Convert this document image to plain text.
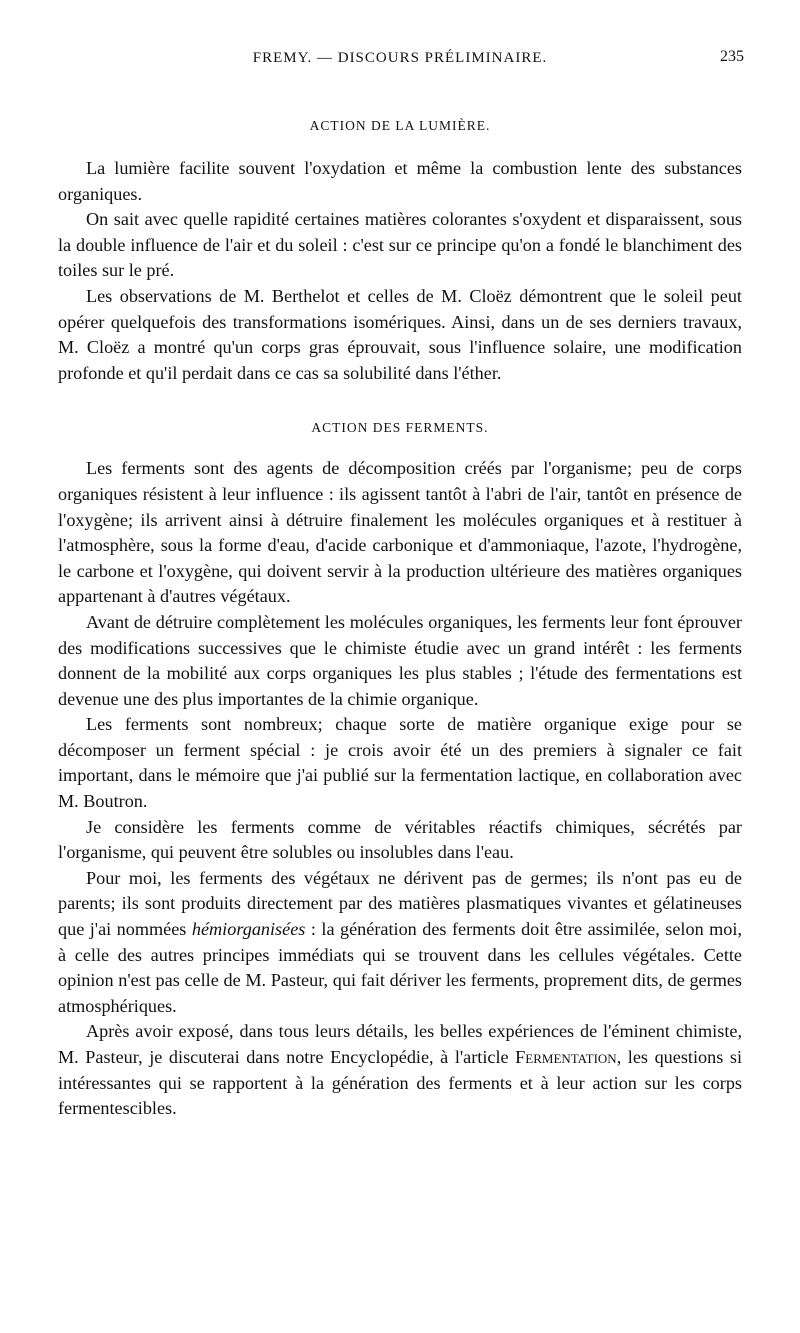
FREMY. — DISCOURS PRÉLIMINAIRE.	235
ACTION DE LA LUMIÈRE.

La lumière facilite souvent l'oxydation et même la combustion lente des substances organiques.

On sait avec quelle rapidité certaines matières colorantes s'oxydent et disparaissent, sous la double influence de l'air et du soleil : c'est sur ce principe qu'on a fondé le blanchiment des toiles sur le pré.

Les observations de M. Berthelot et celles de M. Cloëz démontrent que le soleil peut opérer quelquefois des transformations isomériques. Ainsi, dans un de ses derniers travaux, M. Cloëz a montré qu'un corps gras éprouvait, sous l'influence solaire, une modification profonde et qu'il perdait dans ce cas sa solubilité dans l'éther.

ACTION DES FERMENTS.

Les ferments sont des agents de décomposition créés par l'organisme; peu de corps organiques résistent à leur influence : ils agissent tantôt à l'abri de l'air, tantôt en présence de l'oxygène; ils arrivent ainsi à détruire finalement les molécules organiques et à restituer à l'atmosphère, sous la forme d'eau, d'acide carbonique et d'ammoniaque, l'azote, l'hydrogène, le carbone et l'oxygène, qui doivent servir à la production ultérieure des matières organiques appartenant à d'autres végétaux.

Avant de détruire complètement les molécules organiques, les ferments leur font éprouver des modifications successives que le chimiste étudie avec un grand intérêt : les ferments donnent de la mobilité aux corps organiques les plus stables ; l'étude des fermentations est devenue une des plus importantes de la chimie organique.

Les ferments sont nombreux; chaque sorte de matière organique exige pour se décomposer un ferment spécial : je crois avoir été un des premiers à signaler ce fait important, dans le mémoire que j'ai publié sur la fermentation lactique, en collaboration avec M. Boutron.

Je considère les ferments comme de véritables réactifs chimiques, sécrétés par l'organisme, qui peuvent être solubles ou insolubles dans l'eau.

Pour moi, les ferments des végétaux ne dérivent pas de germes; ils n'ont pas eu de parents; ils sont produits directement par des matières plasmatiques vivantes et gélatineuses que j'ai nommées hémiorganisées : la génération des ferments doit être assimilée, selon moi, à celle des autres principes immédiats qui se trouvent dans les cellules végétales. Cette opinion n'est pas celle de M. Pasteur, qui fait dériver les ferments, proprement dits, de germes atmosphériques.

Après avoir exposé, dans tous leurs détails, les belles expériences de l'éminent chimiste, M. Pasteur, je discuterai dans notre Encyclopédie, à l'article Fermentation, les questions si intéressantes qui se rapportent à la génération des ferments et à leur action sur les corps fermentescibles.
